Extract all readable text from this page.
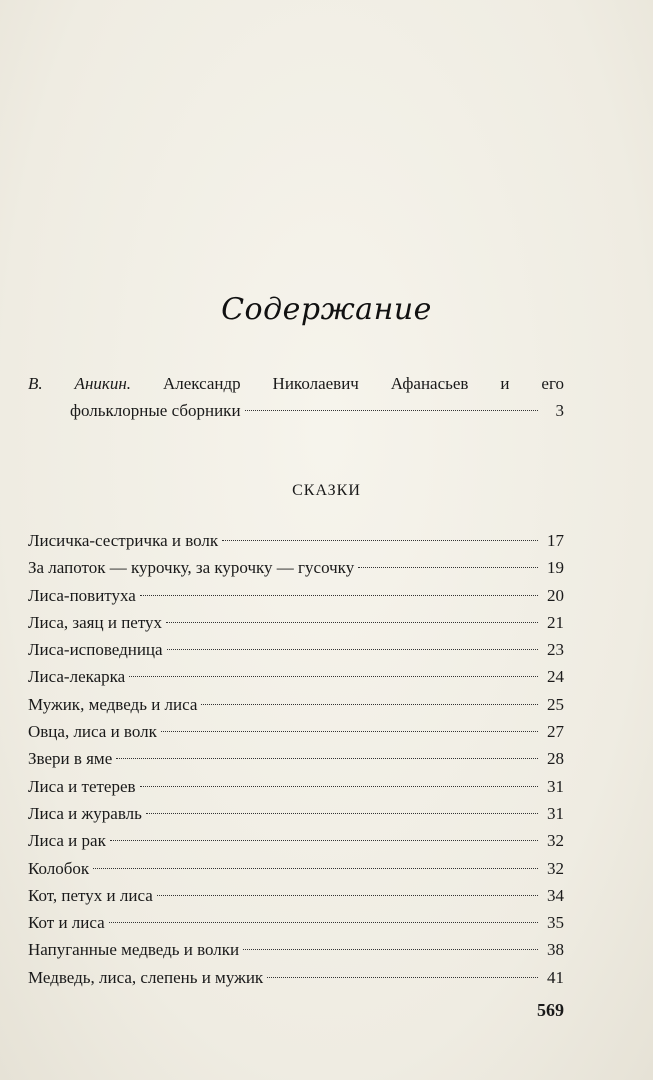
Содержание
В. Аникин. Александр Николаевич Афанасьев и его
фольклорные сборники	3
СКАЗКИ
Лисичка-сестричка и волк	17
За лапоток — курочку, за курочку — гусочку	19
Лиса-повитуха	20
Лиса, заяц и петух	21
Лиса-исповедница	23
Лиса-лекарка	24
Мужик, медведь и лиса	25
Овца, лиса и волк	27
Звери в яме	28
Лиса и тетерев	31
Лиса и журавль	31
Лиса и рак	32
Колобок	32
Кот, петух и лиса	34
Кот и лиса	35
Напуганные медведь и волки	38
Медведь, лиса, слепень и мужик	41
569
